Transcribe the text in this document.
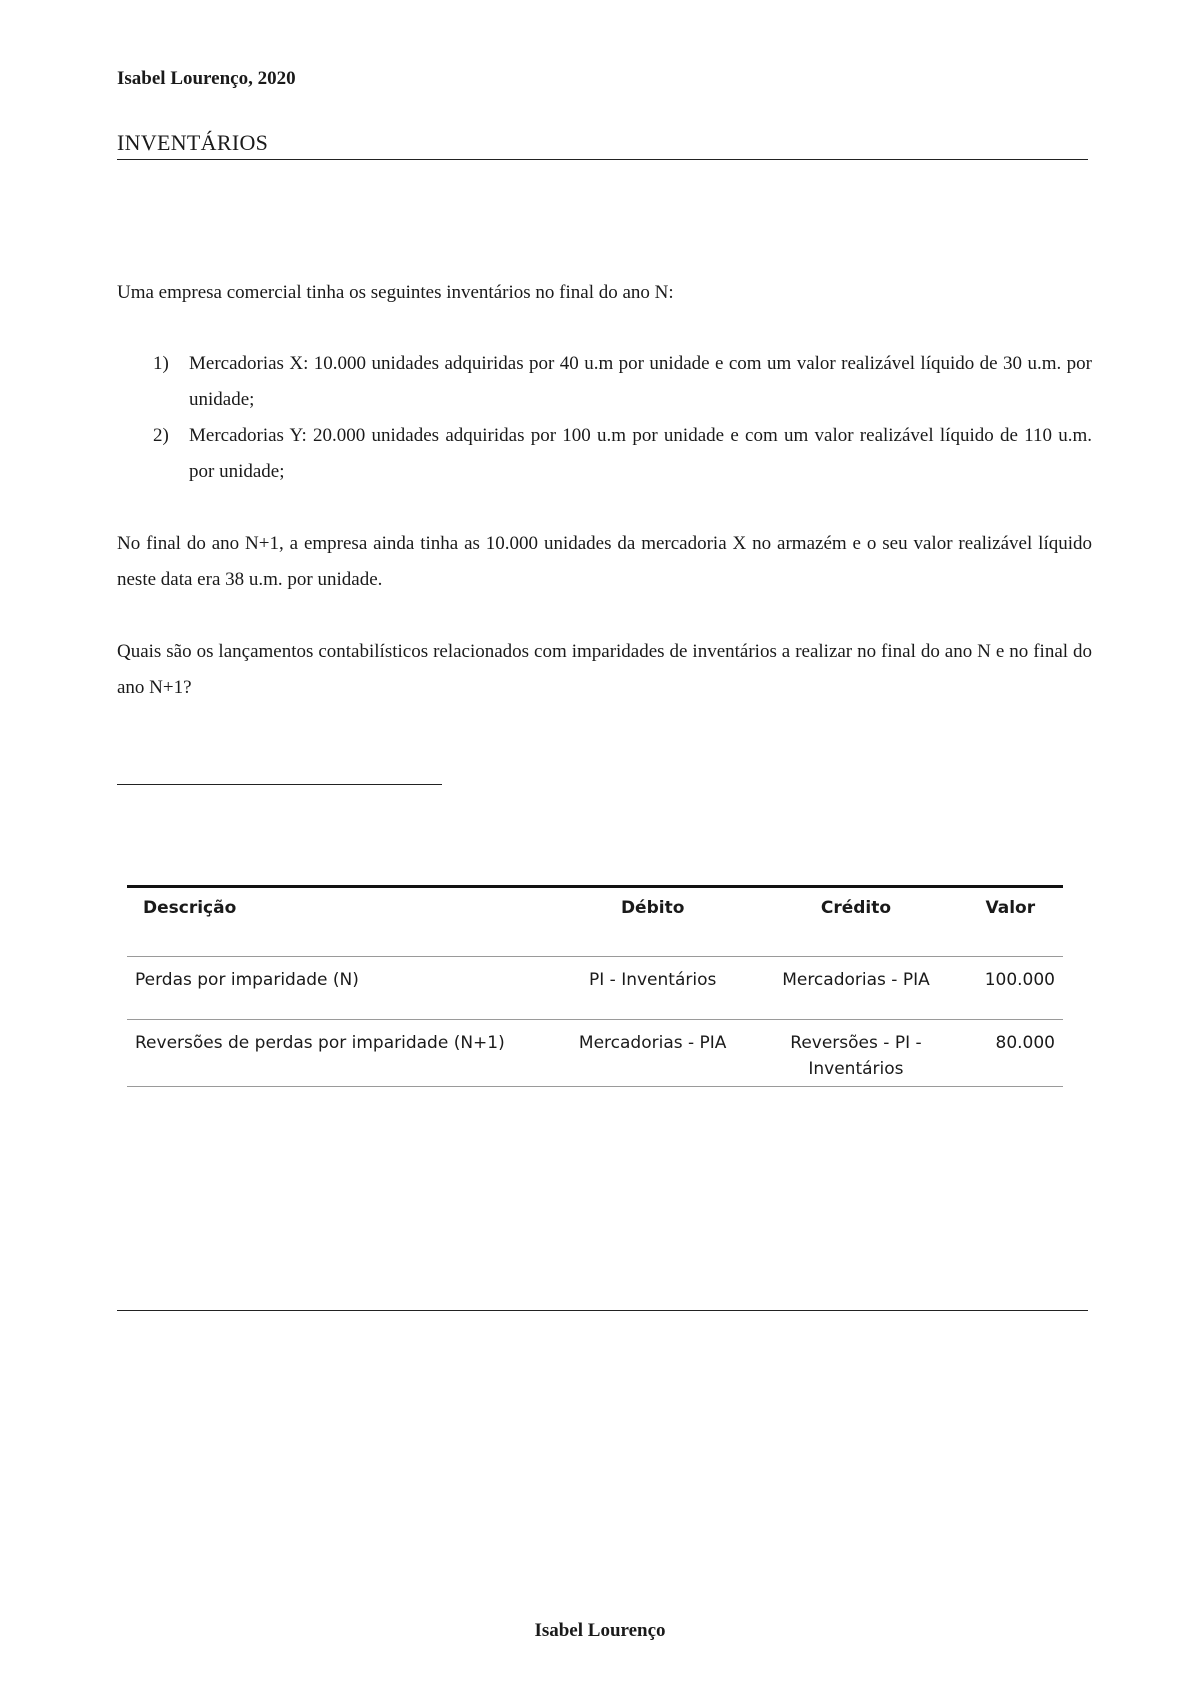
Isabel Lourenço, 2020
INVENTÁRIOS
Uma empresa comercial tinha os seguintes inventários no final do ano N:
1) Mercadorias X: 10.000 unidades adquiridas por 40 u.m por unidade e com um valor realizável líquido de 30 u.m. por unidade;
2) Mercadorias Y: 20.000 unidades adquiridas por 100 u.m por unidade e com um valor realizável líquido de 110 u.m. por unidade;
No final do ano N+1, a empresa ainda tinha as 10.000 unidades da mercadoria X no armazém e o seu valor realizável líquido neste data era 38 u.m. por unidade.
Quais são os lançamentos contabilísticos relacionados com imparidades de inventários a realizar no final do ano N e no final do ano N+1?
Descrição	Débito	Crédito	Valor
Perdas por imparidade (N)	PI - Inventários	Mercadorias - PIA	100.000
Reversões de perdas por imparidade (N+1)	Mercadorias - PIA	Reversões - PI - Inventários	80.000
Isabel Lourenço
